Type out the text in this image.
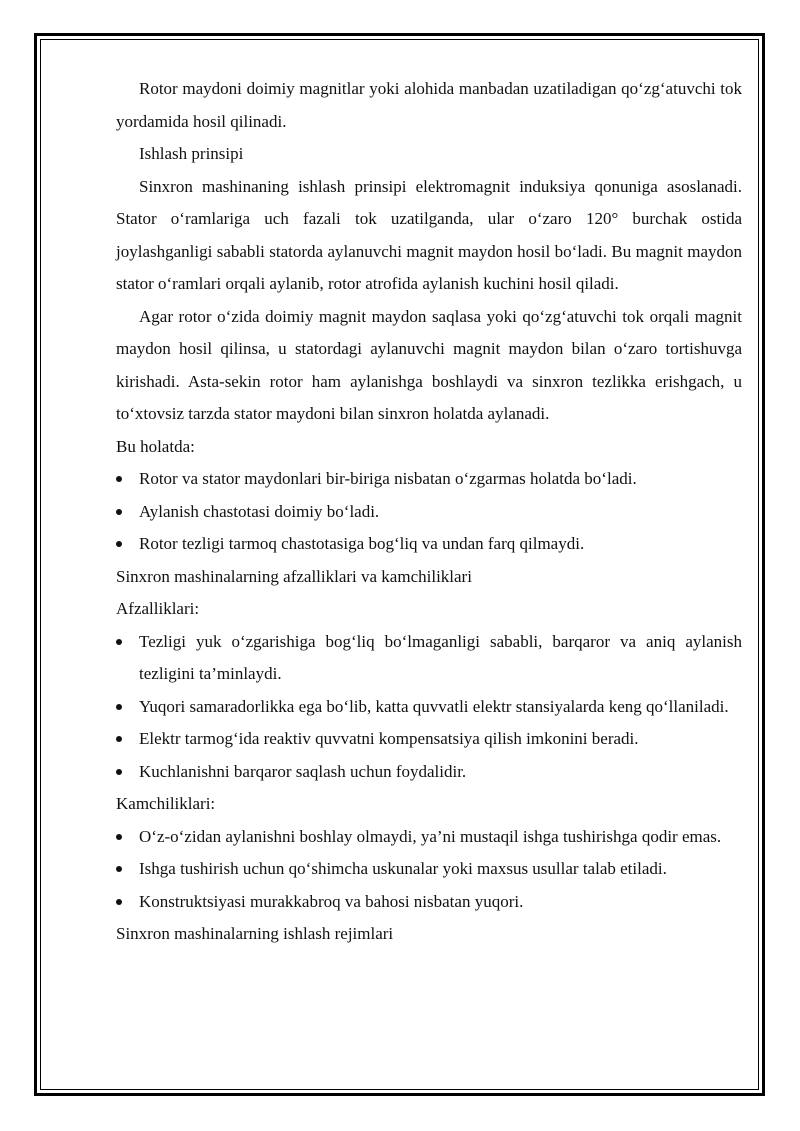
Rotor maydoni doimiy magnitlar yoki alohida manbadan uzatiladigan qo‘zg‘atuvchi tok yordamida hosil qilinadi.

Ishlash prinsipi

Sinxron mashinaning ishlash prinsipi elektromagnit induksiya qonuniga asoslanadi. Stator o‘ramlariga uch fazali tok uzatilganda, ular o‘zaro 120° burchak ostida joylashganligi sababli statorda aylanuvchi magnit maydon hosil bo‘ladi. Bu magnit maydon stator o‘ramlari orqali aylanib, rotor atrofida aylanish kuchini hosil qiladi.

Agar rotor o‘zida doimiy magnit maydon saqlasa yoki qo‘zg‘atuvchi tok orqali magnit maydon hosil qilinsa, u statordagi aylanuvchi magnit maydon bilan o‘zaro tortishuvga kirishadi. Asta-sekin rotor ham aylanishga boshlaydi va sinxron tezlikka erishgach, u to‘xtovsiz tarzda stator maydoni bilan sinxron holatda aylanadi.

Bu holatda:

Rotor va stator maydonlari bir-biriga nisbatan o‘zgarmas holatda bo‘ladi.
Aylanish chastotasi doimiy bo‘ladi.
Rotor tezligi tarmoq chastotasiga bog‘liq va undan farq qilmaydi.

Sinxron mashinalarning afzalliklari va kamchiliklari

Afzalliklari:

Tezligi yuk o‘zgarishiga bog‘liq bo‘lmaganligi sababli, barqaror va aniq aylanish tezligini ta’minlaydi.
Yuqori samaradorlikka ega bo‘lib, katta quvvatli elektr stansiyalarda keng qo‘llaniladi.
Elektr tarmog‘ida reaktiv quvvatni kompensatsiya qilish imkonini beradi.
Kuchlanishni barqaror saqlash uchun foydalidir.

Kamchiliklari:

O‘z-o‘zidan aylanishni boshlay olmaydi, ya’ni mustaqil ishga tushirishga qodir emas.
Ishga tushirish uchun qo‘shimcha uskunalar yoki maxsus usullar talab etiladi.
Konstruktsiyasi murakkabroq va bahosi nisbatan yuqori.

Sinxron mashinalarning ishlash rejimlari
